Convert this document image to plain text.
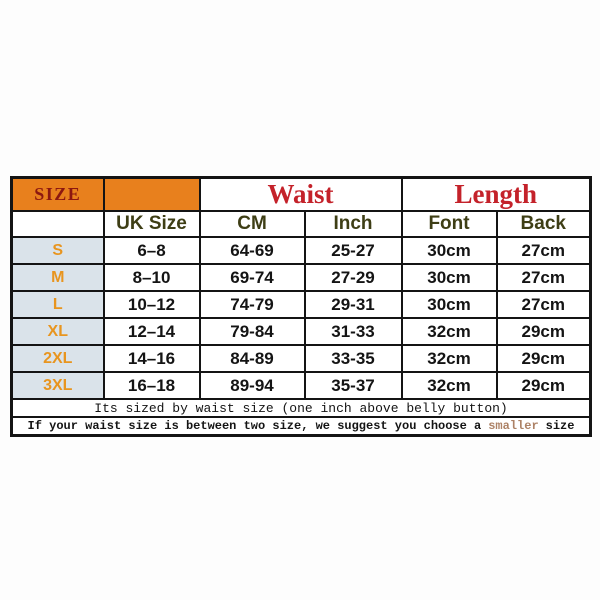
SIZE		Waist		Length	
	UK Size	CM	Inch	Font	Back
S	6–8	64-69	25-27	30cm	27cm
M	8–10	69-74	27-29	30cm	27cm
L	10–12	74-79	29-31	30cm	27cm
XL	12–14	79-84	31-33	32cm	29cm
2XL	14–16	84-89	33-35	32cm	29cm
3XL	16–18	89-94	35-37	32cm	29cm
Its sized by waist size (one inch above belly button)					
If your waist size is between two size, we suggest you choose a smaller size					
